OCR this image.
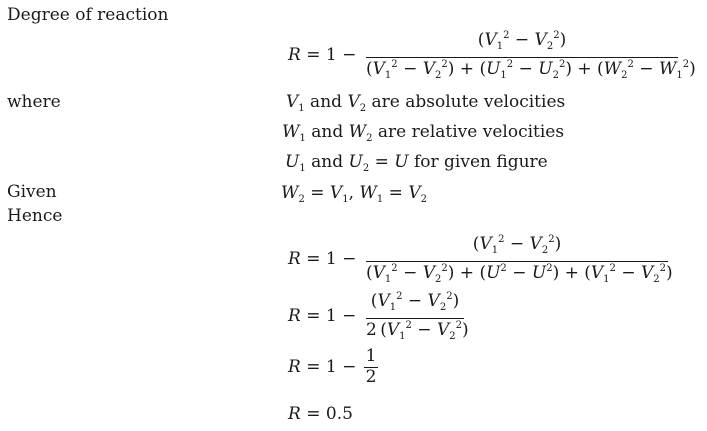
Degree of reaction
where
Given
Hence
R = 1 −
$(V_1^2 - V_2^2)$
$(V_1^2 - V_2^2) + (U_1^2 - U_2^2) + (W_2^2 - W_1^2)$
$V_1$ and $V_2$ are absolute velocities
$W_1$ and $W_2$ are relative velocities
$U_1$ and $U_2 = U$ for given figure
$W_2 = V_1$, $W_1 = V_2$
R = 1 −
$(V_1^2 - V_2^2)$
$(V_1^2 - V_2^2) + (U^2 - U^2) + (V_1^2 - V_2^2)$
R = 1 −
$(V_1^2 - V_2^2)$
2 $(V_1^2 - V_2^2)$
R = 1 −
1
2
R = 0.5
